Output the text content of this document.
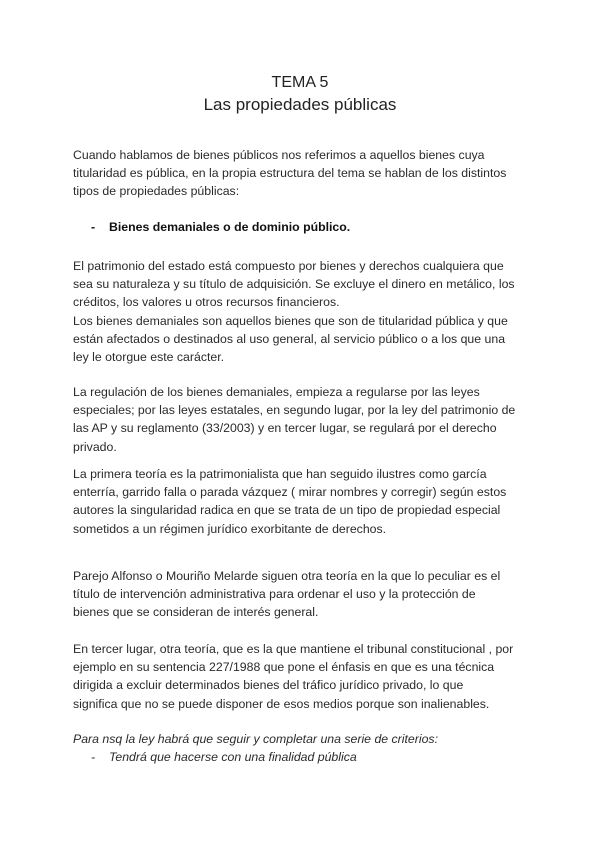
TEMA 5
Las propiedades públicas
Cuando hablamos de bienes públicos nos referimos a aquellos bienes cuya
titularidad es pública, en la propia estructura del tema se hablan de los distintos
tipos de propiedades públicas:
- Bienes demaniales o de dominio público.
El patrimonio del estado está compuesto por bienes y derechos cualquiera que
sea su naturaleza y su título de adquisición. Se excluye el dinero en metálico, los
créditos, los valores u otros recursos financieros.
Los bienes demaniales son aquellos bienes que son de titularidad pública y que
están afectados o destinados al uso general, al servicio público o a los que una
ley le otorgue este carácter.
La regulación de los bienes demaniales, empieza a regularse por las leyes
especiales; por las leyes estatales, en segundo lugar, por la ley del patrimonio de
las AP y su reglamento (33/2003) y en tercer lugar, se regulará por el derecho
privado.
La primera teoría es la patrimonialista que han seguido ilustres como garcía
enterría, garrido falla o parada vázquez ( mirar nombres y corregir) según estos
autores la singularidad radica en que se trata de un tipo de propiedad especial
sometidos a un régimen jurídico exorbitante de derechos.
Parejo Alfonso o Mouriño Melarde siguen otra teoría en la que lo peculiar es el
título de intervención administrativa para ordenar el uso y la protección de
bienes que se consideran de interés general.
En tercer lugar, otra teoría, que es la que mantiene el tribunal constitucional , por
ejemplo en su sentencia 227/1988 que pone el énfasis en que es una técnica
dirigida a excluir determinados bienes del tráfico jurídico privado, lo que
significa que no se puede disponer de esos medios porque son inalienables.
Para nsq la ley habrá que seguir y completar una serie de criterios:
- Tendrá que hacerse con una finalidad pública
